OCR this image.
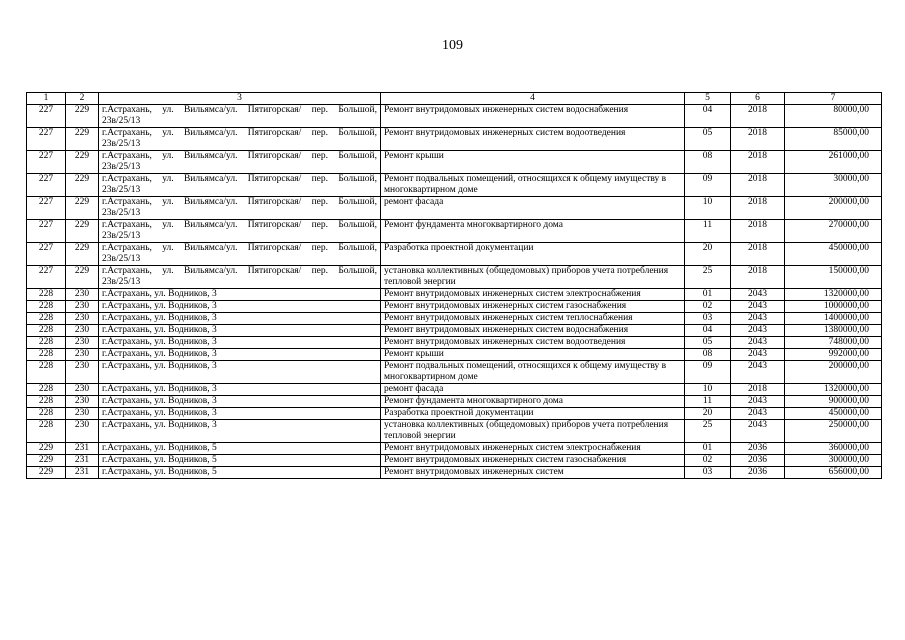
109
1	2	3	4	5	6	7
227	229	г.Астрахань, ул. Вильямса/ул. Пятигорская/ пер. Большой, 23в/25/13	Ремонт внутридомовых инженерных систем водоснабжения	04	2018	80000,00
227	229	г.Астрахань, ул. Вильямса/ул. Пятигорская/ пер. Большой, 23в/25/13	Ремонт внутридомовых инженерных систем водоотведения	05	2018	85000,00
227	229	г.Астрахань, ул. Вильямса/ул. Пятигорская/ пер. Большой, 23в/25/13	Ремонт крыши	08	2018	261000,00
227	229	г.Астрахань, ул. Вильямса/ул. Пятигорская/ пер. Большой, 23в/25/13	Ремонт подвальных помещений, относящихся к общему имуществу в многоквартирном доме	09	2018	30000,00
227	229	г.Астрахань, ул. Вильямса/ул. Пятигорская/ пер. Большой, 23в/25/13	ремонт фасада	10	2018	200000,00
227	229	г.Астрахань, ул. Вильямса/ул. Пятигорская/ пер. Большой, 23в/25/13	Ремонт фундамента многоквартирного дома	11	2018	270000,00
227	229	г.Астрахань, ул. Вильямса/ул. Пятигорская/ пер. Большой, 23в/25/13	Разработка проектной документации	20	2018	450000,00
227	229	г.Астрахань, ул. Вильямса/ул. Пятигорская/ пер. Большой, 23в/25/13	установка коллективных (общедомовых) приборов учета потребления тепловой энергии	25	2018	150000,00
228	230	г.Астрахань, ул. Водников, 3	Ремонт внутридомовых инженерных систем электроснабжения	01	2043	1320000,00
228	230	г.Астрахань, ул. Водников, 3	Ремонт внутридомовых инженерных систем газоснабжения	02	2043	1000000,00
228	230	г.Астрахань, ул. Водников, 3	Ремонт внутридомовых инженерных систем теплоснабжения	03	2043	1400000,00
228	230	г.Астрахань, ул. Водников, 3	Ремонт внутридомовых инженерных систем водоснабжения	04	2043	1380000,00
228	230	г.Астрахань, ул. Водников, 3	Ремонт внутридомовых инженерных систем водоотведения	05	2043	748000,00
228	230	г.Астрахань, ул. Водников, 3	Ремонт крыши	08	2043	992000,00
228	230	г.Астрахань, ул. Водников, 3	Ремонт подвальных помещений, относящихся к общему имуществу в многоквартирном доме	09	2043	200000,00
228	230	г.Астрахань, ул. Водников, 3	ремонт фасада	10	2018	1320000,00
228	230	г.Астрахань, ул. Водников, 3	Ремонт фундамента многоквартирного дома	11	2043	900000,00
228	230	г.Астрахань, ул. Водников, 3	Разработка проектной документации	20	2043	450000,00
228	230	г.Астрахань, ул. Водников, 3	установка коллективных (общедомовых) приборов учета потребления тепловой энергии	25	2043	250000,00
229	231	г.Астрахань, ул. Водников, 5	Ремонт внутридомовых инженерных систем электроснабжения	01	2036	360000,00
229	231	г.Астрахань, ул. Водников, 5	Ремонт внутридомовых инженерных систем газоснабжения	02	2036	300000,00
229	231	г.Астрахань, ул. Водников, 5	Ремонт внутридомовых инженерных систем	03	2036	656000,00
